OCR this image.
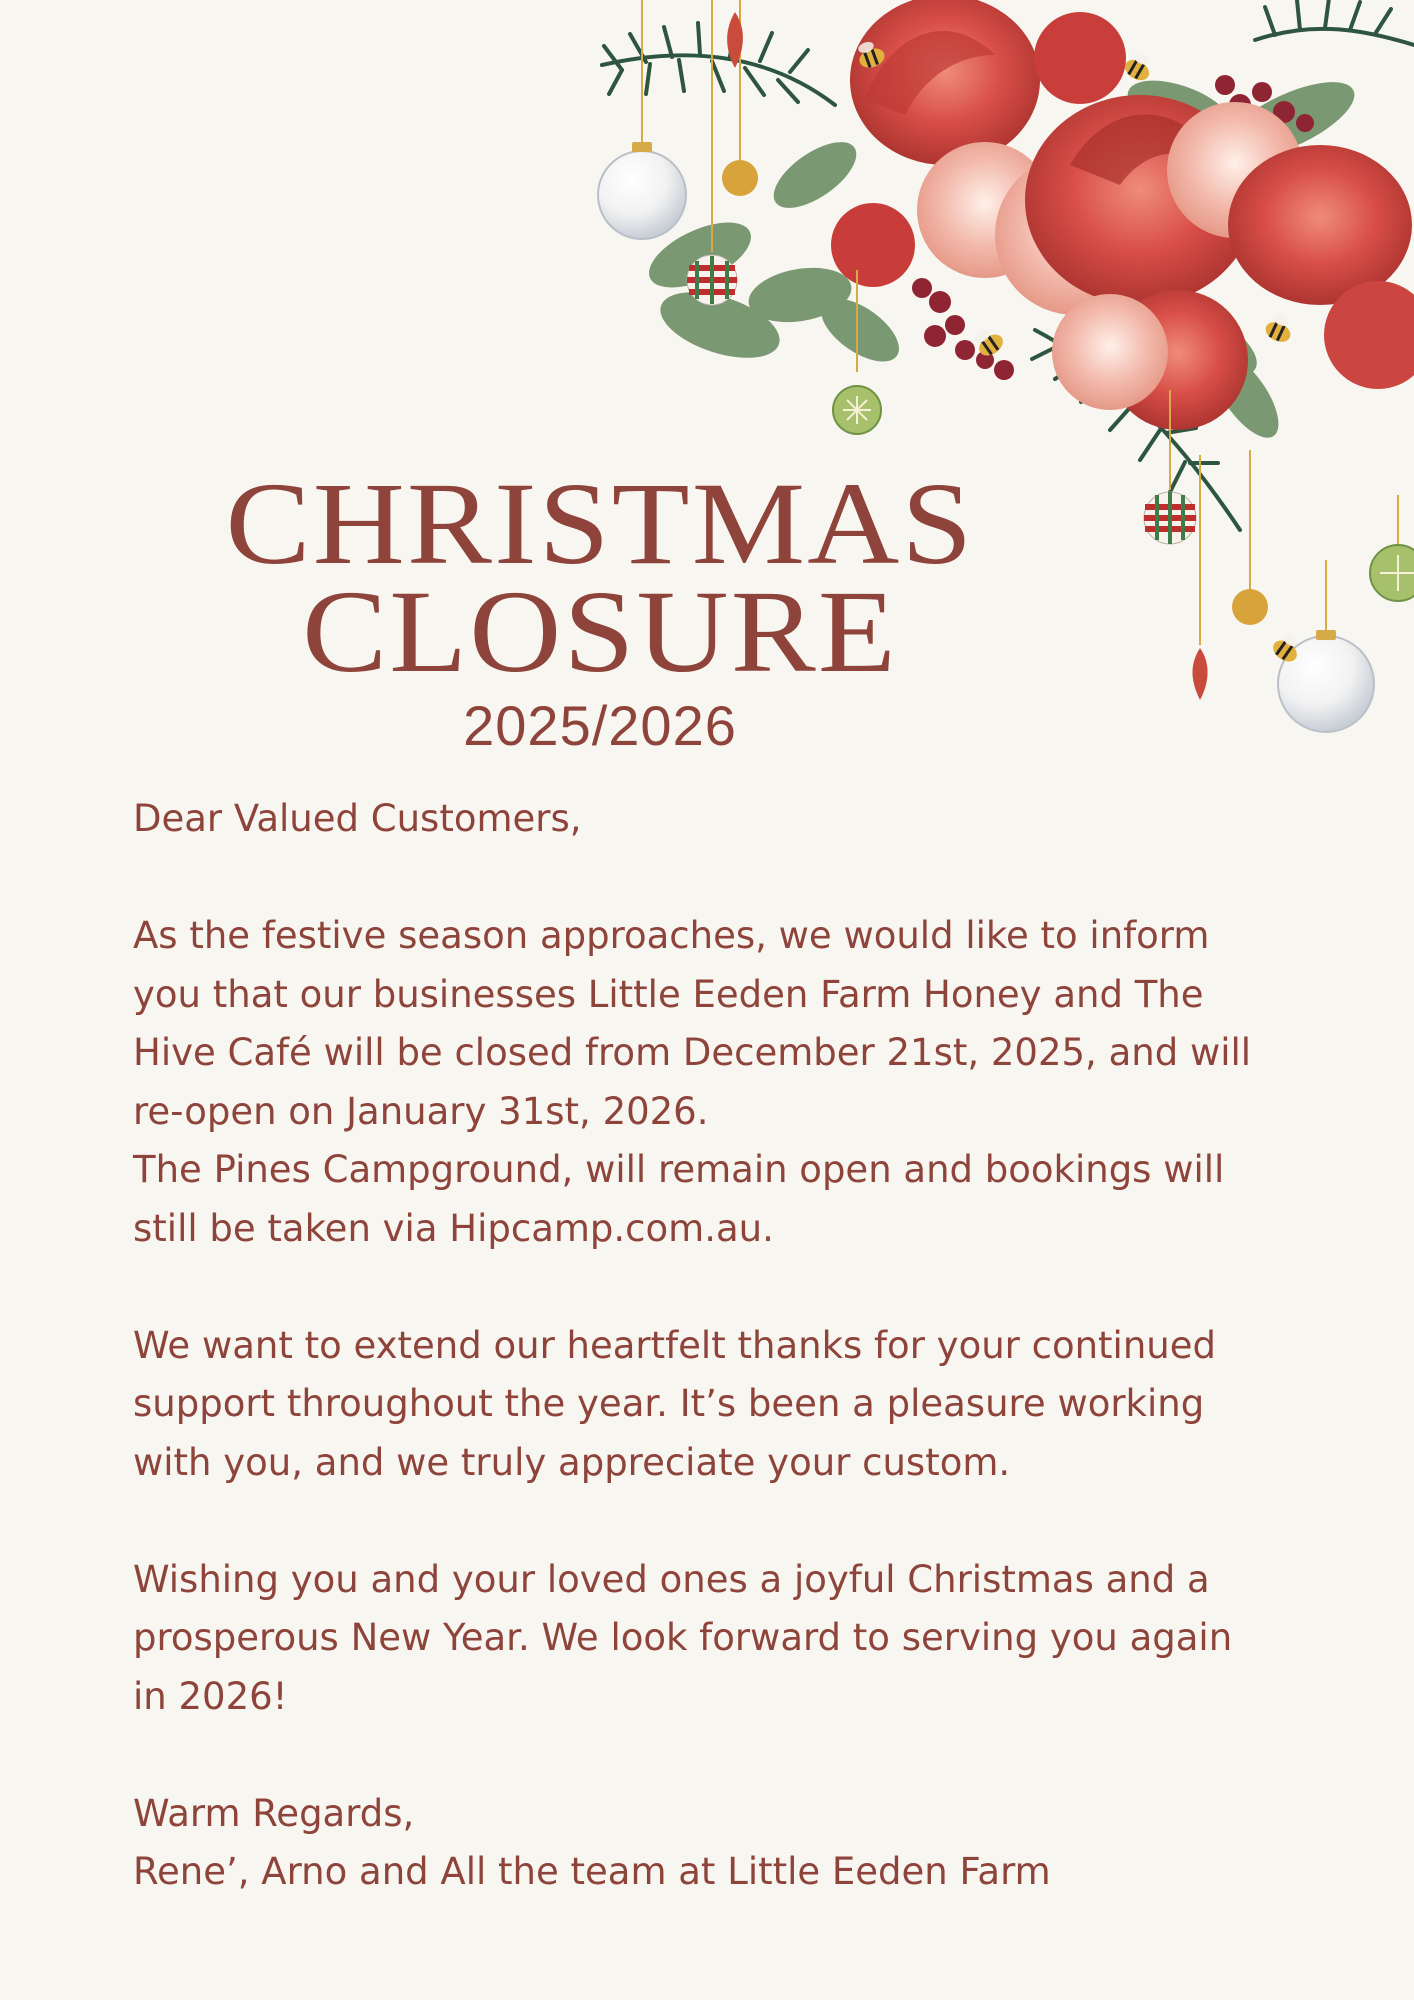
CHRISTMAS
CLOSURE
2025/2026

Dear Valued Customers,

As the festive season approaches, we would like to inform

you that our businesses Little Eeden Farm Honey and The

Hive Café will be closed from December 21st, 2025, and will

re-open on January 31st, 2026.

The Pines Campground, will remain open and bookings will

still be taken via Hipcamp.com.au.

We want to extend our heartfelt thanks for your continued

support throughout the year. It’s been a pleasure working

with you, and we truly appreciate your custom.

Wishing you and your loved ones a joyful Christmas and a

prosperous New Year. We look forward to serving you again

in 2026!

Warm Regards,

Rene’, Arno and All the team at Little Eeden Farm
